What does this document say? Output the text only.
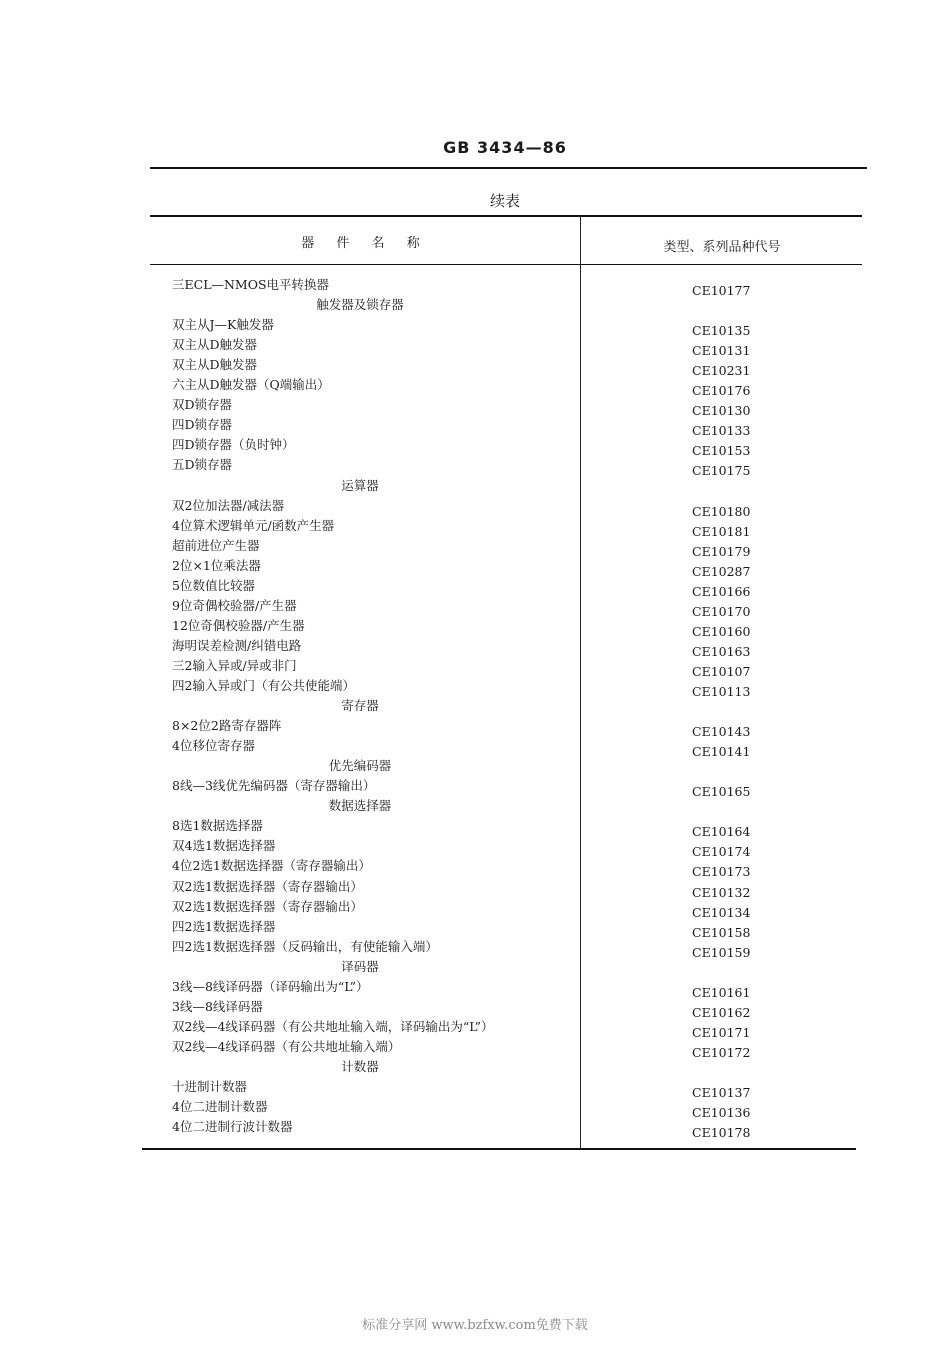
GB 3434—86
续表
器 件 名 称	类型、系列品种代号
三ECL—NMOS电平转换器	CE10177
触发器及锁存器
双主从J—K触发器	CE10135
双主从D触发器	CE10131
双主从D触发器	CE10231
六主从D触发器（Q端输出）	CE10176
双D锁存器	CE10130
四D锁存器	CE10133
四D锁存器（负时钟）	CE10153
五D锁存器	CE10175
运算器
双2位加法器/减法器	CE10180
4位算术逻辑单元/函数产生器	CE10181
超前进位产生器	CE10179
2位×1位乘法器	CE10287
5位数值比较器	CE10166
9位奇偶校验器/产生器	CE10170
12位奇偶校验器/产生器	CE10160
海明误差检测/纠错电路	CE10163
三2输入异或/异或非门	CE10107
四2输入异或门（有公共使能端）	CE10113
寄存器
8×2位2路寄存器阵	CE10143
4位移位寄存器	CE10141
优先编码器
8线—3线优先编码器（寄存器输出）	CE10165
数据选择器
8选1数据选择器	CE10164
双4选1数据选择器	CE10174
4位2选1数据选择器（寄存器输出）	CE10173
双2选1数据选择器（寄存器输出）	CE10132
双2选1数据选择器（寄存器输出）	CE10134
四2选1数据选择器	CE10158
四2选1数据选择器（反码输出，有使能输入端）	CE10159
译码器
3线—8线译码器（译码输出为“L”）	CE10161
3线—8线译码器	CE10162
双2线—4线译码器（有公共地址输入端，译码输出为“L”）	CE10171
双2线—4线译码器（有公共地址输入端）	CE10172
计数器
十进制计数器	CE10137
4位二进制计数器	CE10136
4位二进制行波计数器	CE10178
标准分享网 www.bzfxw.com免费下载
